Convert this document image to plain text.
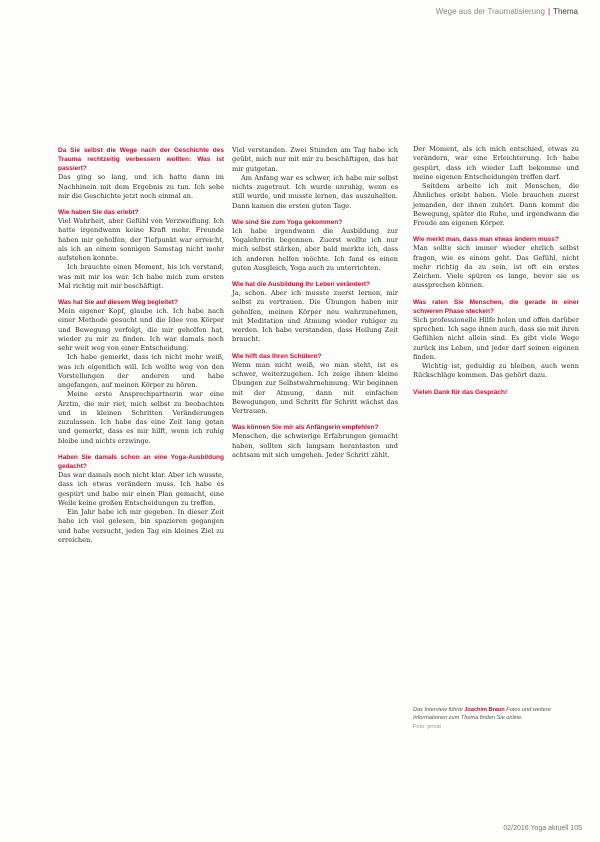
Wege aus der Traumatisierung | Thema
Da Sie selbst die Wege nach der Geschichte des Trauma rechtzeitig verbessern wollten: Was ist passiert?

Das ging so lang, und ich hatte dann im Nachhinein mit dem Ergebnis zu tun. Ich sehe mir die Geschichte jetzt noch einmal an.

Wie haben Sie das erlebt?

Viel Wahrheit, aber Gefühl von Verzweiflung. Ich hatte irgendwann keine Kraft mehr. Freunde haben mir geholfen, der Tiefpunkt war erreicht, als ich an einem sonnigen Samstag nicht mehr aufstehen konnte.

Ich brauchte einen Moment, bis ich verstand, was mit mir los war. Ich habe mich zum ersten Mal richtig mit mir beschäftigt.

Was hat Sie auf diesem Weg begleitet?

Mein eigener Kopf, glaube ich. Ich habe nach einer Methode gesucht und die Idee von Körper und Bewegung verfolgt, die mir geholfen hat, wieder zu mir zu finden. Ich war damals noch sehr weit weg von einer Entscheidung.

Ich habe gemerkt, dass ich nicht mehr weiß, was ich eigentlich will. Ich wollte weg von den Vorstellungen der anderen und habe angefangen, auf meinen Körper zu hören.

Meine erste Ansprechpartnerin war eine Ärztin, die mir riet, mich selbst zu beobachten und in kleinen Schritten Veränderungen zuzulassen. Ich habe das eine Zeit lang getan und gemerkt, dass es mir hilft, wenn ich ruhig bleibe und nichts erzwinge.

Haben Sie damals schon an eine Yoga-Ausbildung gedacht?

Das war damals noch nicht klar. Aber ich wusste, dass ich etwas verändern muss. Ich habe es gespürt und habe mir einen Plan gemacht, eine Weile keine großen Entscheidungen zu treffen.

Ein Jahr habe ich mir gegeben. In dieser Zeit habe ich viel gelesen, bin spazieren gegangen und habe versucht, jeden Tag ein kleines Ziel zu erreichen.

Viel verstanden. Zwei Stunden am Tag habe ich geübt, mich nur mit mir zu beschäftigen, das hat mir gutgetan.

Am Anfang war es schwer, ich habe mir selbst nichts zugetraut. Ich wurde unruhig, wenn es still wurde, und musste lernen, das auszuhalten. Dann kamen die ersten guten Tage.

Wie sind Sie zum Yoga gekommen?

Ich habe irgendwann die Ausbildung zur Yogalehrerin begonnen. Zuerst wollte ich nur mich selbst stärken, aber bald merkte ich, dass ich anderen helfen möchte. Ich fand es einen guten Ausgleich, Yoga auch zu unterrichten.

Wie hat die Ausbildung Ihr Leben verändert?

Ja, schon. Aber ich musste zuerst lernen, mir selbst zu vertrauen. Die Übungen haben mir geholfen, meinen Körper neu wahrzunehmen, mit Meditation und Atmung wieder ruhiger zu werden. Ich habe verstanden, dass Heilung Zeit braucht.

Wie hilft das Ihren Schülern?

Wenn man nicht weiß, wo man steht, ist es schwer, weiterzugehen. Ich zeige ihnen kleine Übungen zur Selbstwahrnehmung. Wir beginnen mit der Atmung, dann mit einfachen Bewegungen, und Schritt für Schritt wächst das Vertrauen.

Was können Sie mir als Anfängerin empfehlen?

Menschen, die schwierige Erfahrungen gemacht haben, sollten sich langsam herantasten und achtsam mit sich umgehen. Jeder Schritt zählt.

Der Moment, als ich mich entschied, etwas zu verändern, war eine Erleichterung. Ich habe gespürt, dass ich wieder Luft bekomme und meine eigenen Entscheidungen treffen darf.

Seitdem arbeite ich mit Menschen, die Ähnliches erlebt haben. Viele brauchen zuerst jemanden, der ihnen zuhört. Dann kommt die Bewegung, später die Ruhe, und irgendwann die Freude am eigenen Körper.

Wie merkt man, dass man etwas ändern muss?

Man sollte sich immer wieder ehrlich selbst fragen, wie es einem geht. Das Gefühl, nicht mehr richtig da zu sein, ist oft ein erstes Zeichen. Viele spüren es lange, bevor sie es aussprechen können.

Was raten Sie Menschen, die gerade in einer schweren Phase stecken?

Sich professionelle Hilfe holen und offen darüber sprechen. Ich sage ihnen auch, dass sie mit ihren Gefühlen nicht allein sind. Es gibt viele Wege zurück ins Leben, und jeder darf seinen eigenen finden.

Wichtig ist, geduldig zu bleiben, auch wenn Rückschläge kommen. Das gehört dazu.

Vielen Dank für das Gespräch!
Das Interview führte Joachim Braun Fotos und weitere Informationen zum Thema finden Sie online.
Foto: privat
02/2016 Yoga aktuell 105
